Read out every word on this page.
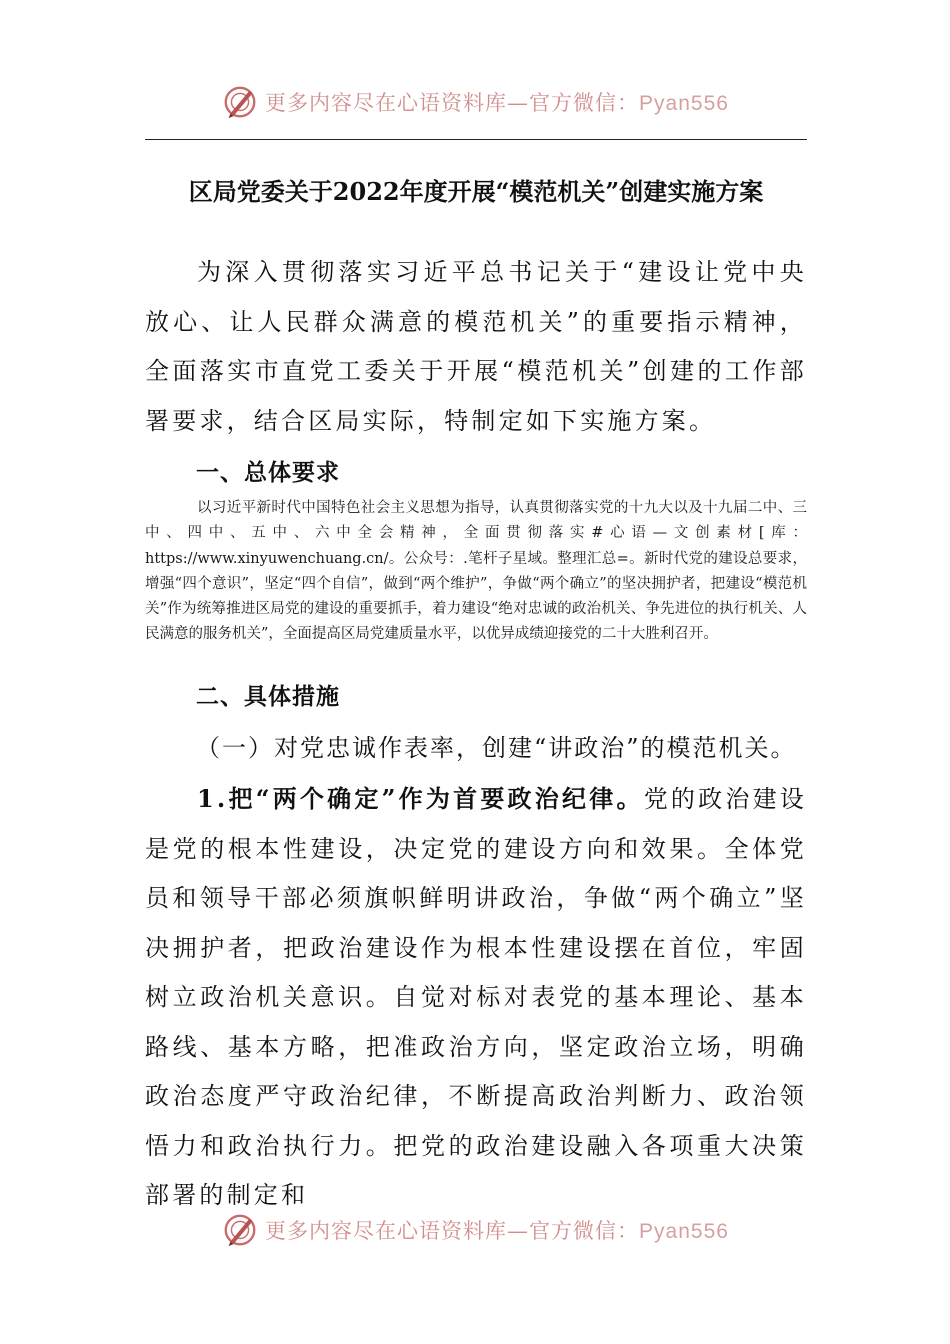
更多内容尽在心语资料库—官方微信：Pyan556
区局党委关于2022年度开展“模范机关”创建实施方案

为深入贯彻落实习近平总书记关于“建设让党中央放心、让人民群众满意的模范机关”的重要指示精神，全面落实市直党工委关于开展“模范机关”创建的工作部署要求，结合区局实际，特制定如下实施方案。

一、总体要求

以习近平新时代中国特色社会主义思想为指导，认真贯彻落实党的十九大以及十九届二中、三中、四中、五中、六中全会精神，全面贯彻落实#心语—文创素材[库：https://www.xinyuwenchuang.cn/。公众号：.笔杆子星域。整理汇总=。新时代党的建设总要求，增强“四个意识”，坚定“四个自信”，做到“两个维护”，争做“两个确立”的坚决拥护者，把建设“模范机关”作为统筹推进区局党的建设的重要抓手，着力建设“绝对忠诚的政治机关、争先进位的执行机关、人民满意的服务机关”，全面提高区局党建质量水平，以优异成绩迎接党的二十大胜利召开。

二、具体措施

（一）对党忠诚作表率，创建“讲政治”的模范机关。

1.把“两个确定”作为首要政治纪律。党的政治建设是党的根本性建设，决定党的建设方向和效果。全体党员和领导干部必须旗帜鲜明讲政治，争做“两个确立”坚决拥护者，把政治建设作为根本性建设摆在首位，牢固树立政治机关意识。自觉对标对表党的基本理论、基本路线、基本方略，把准政治方向，坚定政治立场，明确政治态度严守政治纪律，不断提高政治判断力、政治领悟力和政治执行力。把党的政治建设融入各项重大决策部署的制定和

更多内容尽在心语资料库—官方微信：Pyan556
